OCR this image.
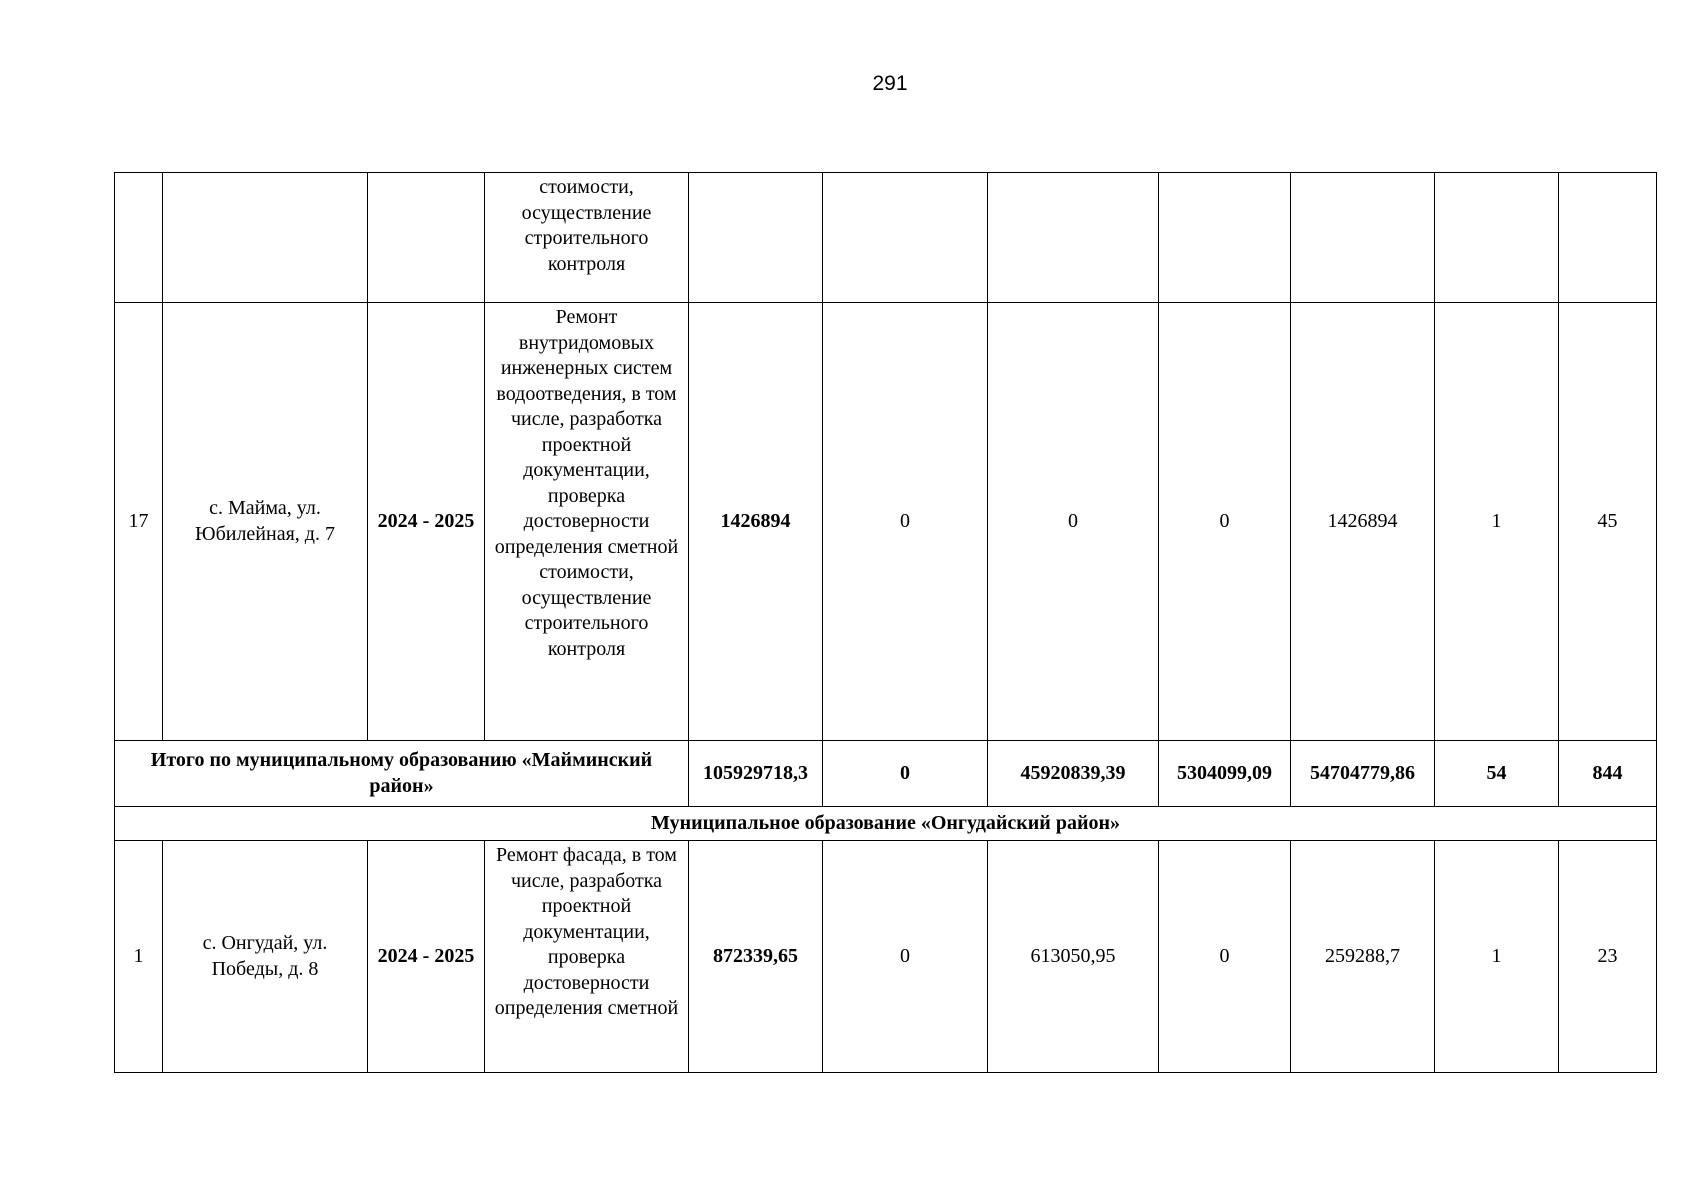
291
			стоимости, осуществление строительного контроля							
17	с. Майма, ул. Юбилейная, д. 7	2024 - 2025	Ремонт внутридомовых инженерных систем водоотведения, в том числе, разработка проектной документации, проверка достоверности определения сметной стоимости, осуществление строительного контроля	1426894	0	0	0	1426894	1	45
Итого по муниципальному образованию «Майминский район»				105929718,3	0	45920839,39	5304099,09	54704779,86	54	844
Муниципальное образование «Онгудайский район»										
1	с. Онгудай, ул. Победы, д. 8	2024 - 2025	Ремонт фасада, в том числе, разработка проектной документации, проверка достоверности определения сметной	872339,65	0	613050,95	0	259288,7	1	23
